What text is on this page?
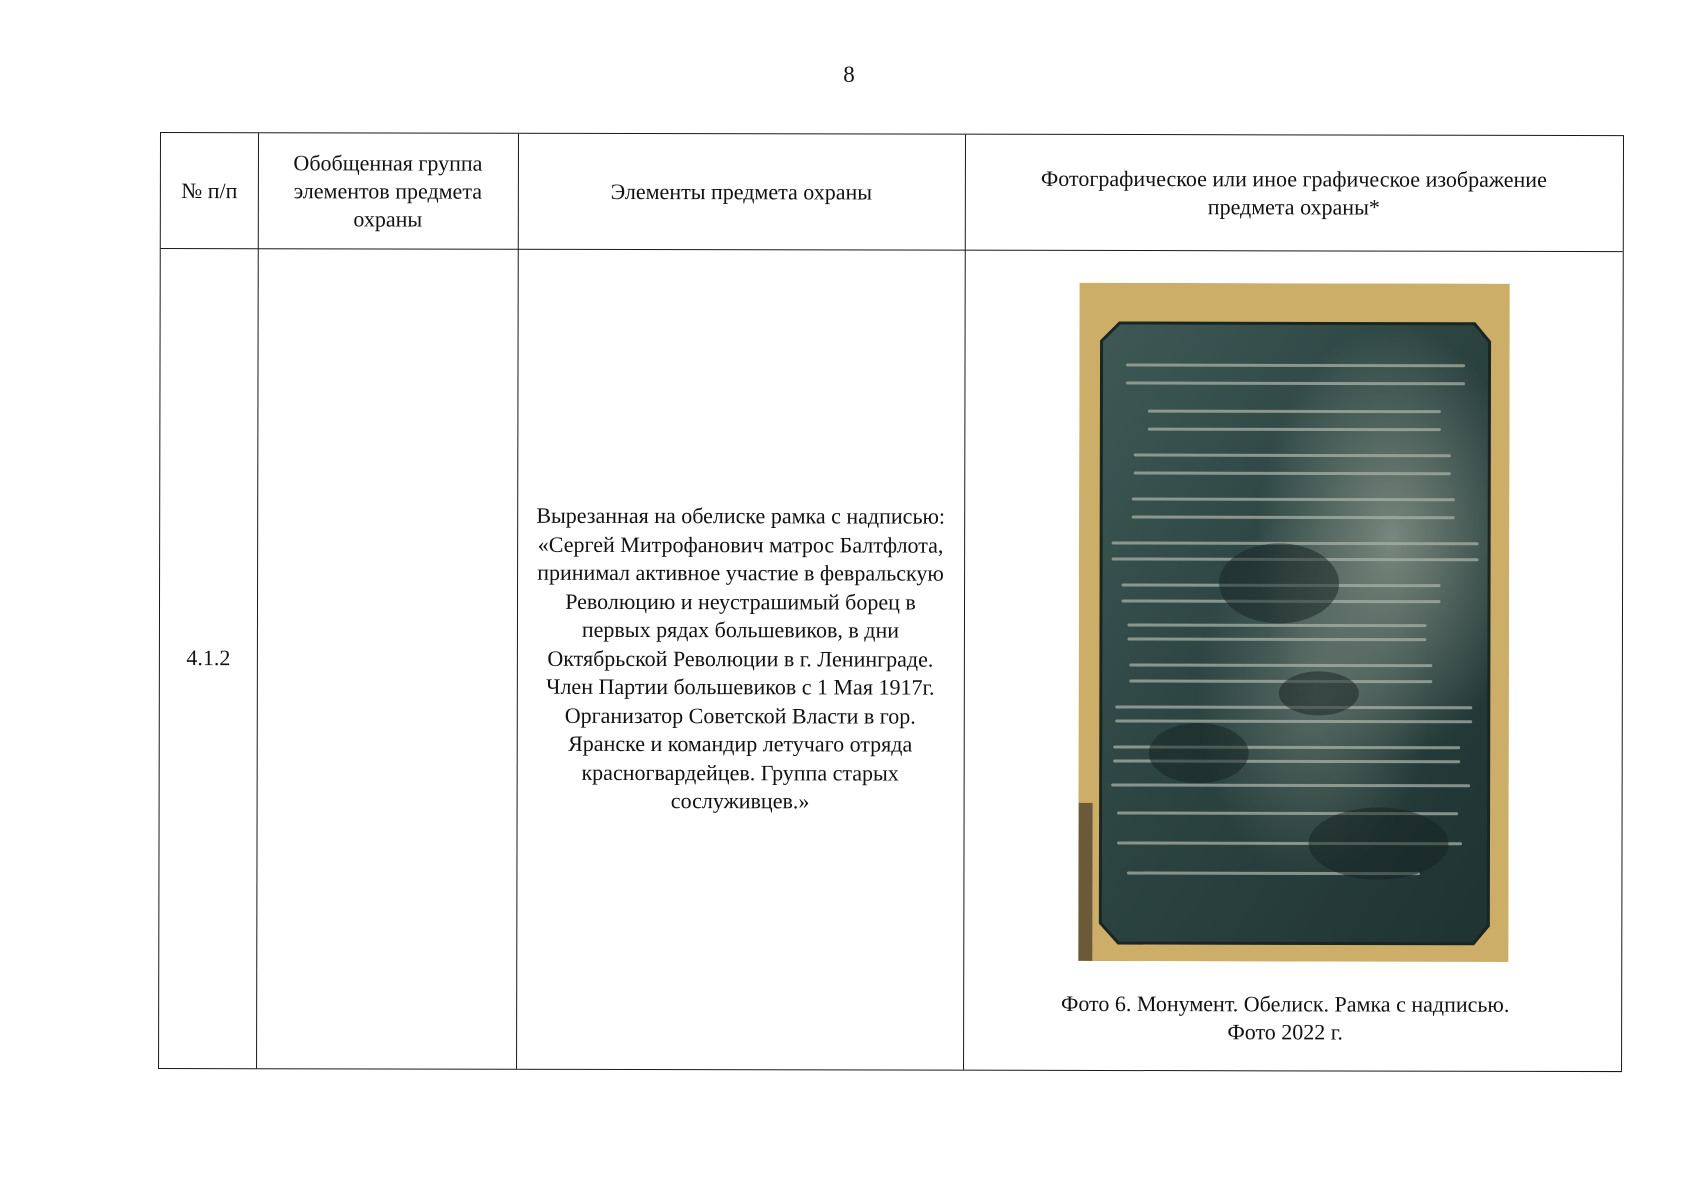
8
№ п/п
Обобщенная группа элементов предмета охраны
Элементы предмета охраны	Фотографическое или иное графическое изображение предмета охраны*
4.1.2
Вырезанная на обелиске рамка с надписью: «Сергей Митрофанович матрос Балтфлота, принимал активное участие в февральскую Революцию и неустрашимый борец в первых рядах большевиков, в дни Октябрьской Революции в г. Ленинграде. Член Партии большевиков с 1 Мая 1917г. Организатор Советской Власти в гор. Яранске и командир летучаго отряда красногвардейцев. Группа старых сослуживцев.»
Фото 6. Монумент. Обелиск. Рамка с надписью.
Фото 2022 г.
